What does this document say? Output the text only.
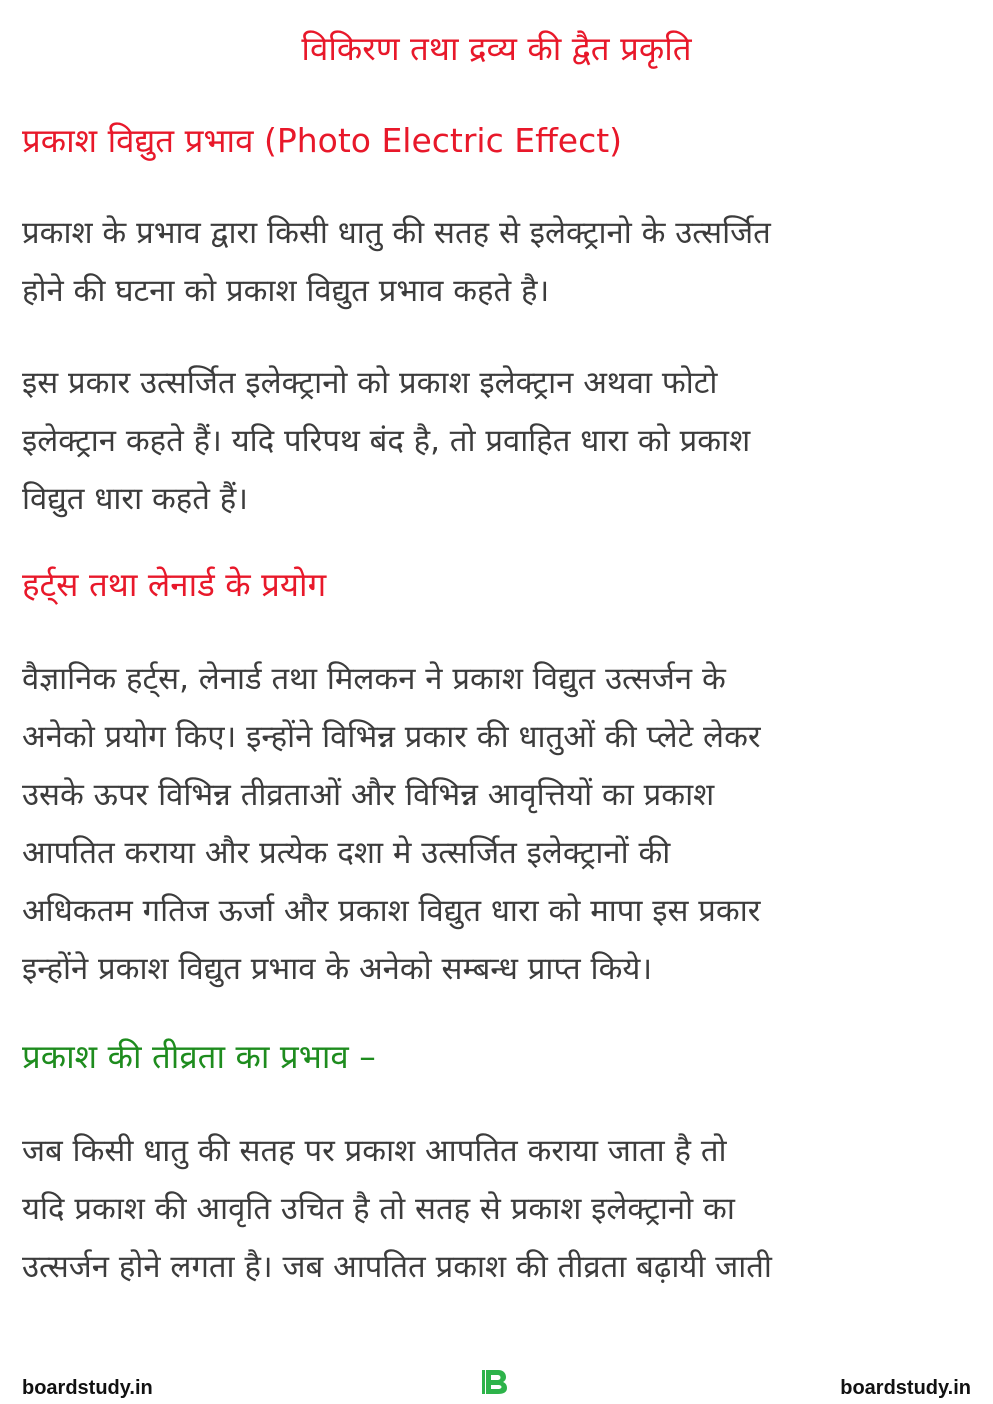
विकिरण तथा द्रव्य की द्वैत प्रकृति
प्रकाश विद्युत प्रभाव (Photo Electric Effect)

प्रकाश के प्रभाव द्वारा किसी धातु की सतह से इलेक्ट्रानो के उत्सर्जित
होने की घटना को प्रकाश विद्युत प्रभाव कहते है।

इस प्रकार उत्सर्जित इलेक्ट्रानो को प्रकाश इलेक्ट्रान अथवा फोटो
इलेक्ट्रान कहते हैं। यदि परिपथ बंद है, तो प्रवाहित धारा को प्रकाश
विद्युत धारा कहते हैं।

हर्ट्स तथा लेनार्ड के प्रयोग

वैज्ञानिक हर्ट्स, लेनार्ड तथा मिलकन ने प्रकाश विद्युत उत्सर्जन के
अनेको प्रयोग किए। इन्होंने विभिन्न प्रकार की धातुओं की प्लेटे लेकर
उसके ऊपर विभिन्न तीव्रताओं और विभिन्न आवृत्तियों का प्रकाश
आपतित कराया और प्रत्येक दशा मे उत्सर्जित इलेक्ट्रानों की
अधिकतम गतिज ऊर्जा और प्रकाश विद्युत धारा को मापा इस प्रकार
इन्होंने प्रकाश विद्युत प्रभाव के अनेको सम्बन्ध प्राप्त किये।

प्रकाश की तीव्रता का प्रभाव –

जब किसी धातु की सतह पर प्रकाश आपतित कराया जाता है तो
यदि प्रकाश की आवृति उचित है तो सतह से प्रकाश इलेक्ट्रानो का
उत्सर्जन होने लगता है। जब आपतित प्रकाश की तीव्रता बढ़ायी जाती

boardstudy.in	boardstudy.in
